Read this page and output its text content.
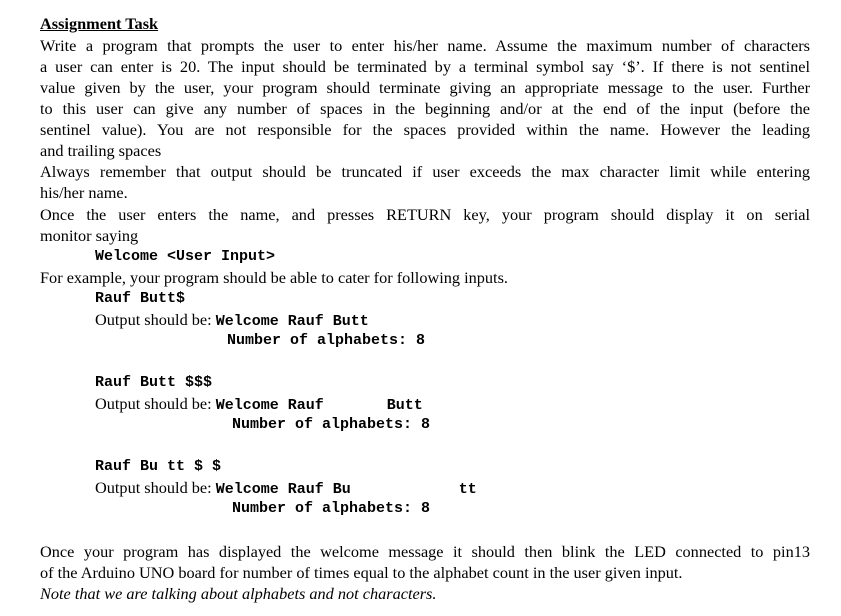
Assignment Task
Write a program that prompts the user to enter his/her name. Assume the maximum number of characters
a user can enter is 20. The input should be terminated by a terminal symbol say ‘$’. If there is not sentinel
value given by the user, your program should terminate giving an appropriate message to the user. Further
to this user can give any number of spaces in the beginning and/or at the end of the input (before the
sentinel value). You are not responsible for the spaces provided within the name. However the leading
and trailing spaces
Always remember that output should be truncated if user exceeds the max character limit while entering
his/her name.
Once the user enters the name, and presses RETURN key, your program should display it on serial
monitor saying
Welcome <User Input>
For example, your program should be able to cater for following inputs.
Rauf Butt$
Output should be: Welcome Rauf Butt
Number of alphabets: 8
Rauf Butt $$$
Output should be: Welcome Rauf       Butt
Number of alphabets: 8
Rauf Bu tt $ $
Output should be: Welcome Rauf Bu            tt
Number of alphabets: 8
Once your program has displayed the welcome message it should then blink the LED connected to pin13
of the Arduino UNO board for number of times equal to the alphabet count in the user given input.
Note that we are talking about alphabets and not characters.
